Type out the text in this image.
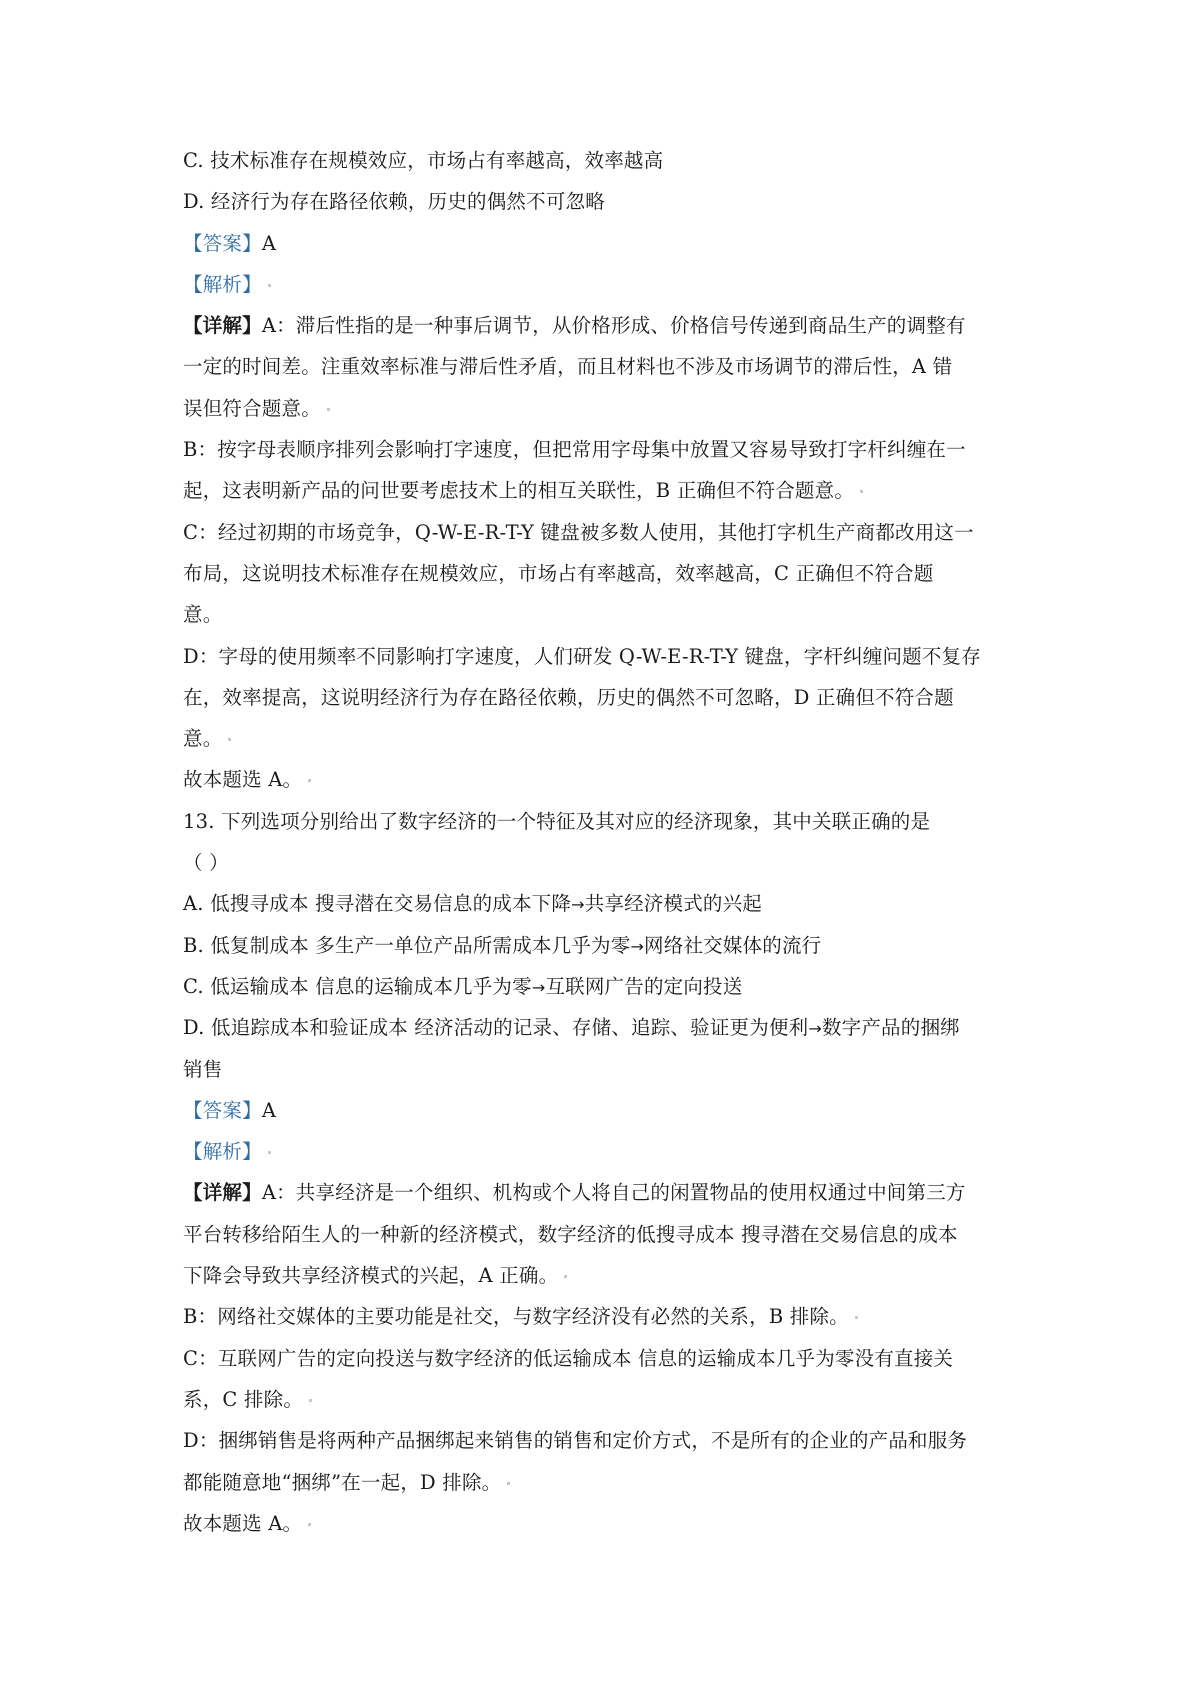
C. 技术标准存在规模效应，市场占有率越高，效率越高
D. 经济行为存在路径依赖，历史的偶然不可忽略
【答案】A
【解析】
【详解】A：滞后性指的是一种事后调节，从价格形成、价格信号传递到商品生产的调整有
一定的时间差。注重效率标准与滞后性矛盾，而且材料也不涉及市场调节的滞后性，A 错
误但符合题意。
B：按字母表顺序排列会影响打字速度，但把常用字母集中放置又容易导致打字杆纠缠在一
起，这表明新产品的问世要考虑技术上的相互关联性，B 正确但不符合题意。
C：经过初期的市场竞争，Q-W-E-R-T-Y 键盘被多数人使用，其他打字机生产商都改用这一
布局，这说明技术标准存在规模效应，市场占有率越高，效率越高，C 正确但不符合题
意。
D：字母的使用频率不同影响打字速度，人们研发 Q-W-E-R-T-Y 键盘，字杆纠缠问题不复存
在，效率提高，这说明经济行为存在路径依赖，历史的偶然不可忽略，D 正确但不符合题
意。
故本题选 A。
13. 下列选项分别给出了数字经济的一个特征及其对应的经济现象，其中关联正确的是
（ ）
A. 低搜寻成本 搜寻潜在交易信息的成本下降→共享经济模式的兴起
B. 低复制成本 多生产一单位产品所需成本几乎为零→网络社交媒体的流行
C. 低运输成本 信息的运输成本几乎为零→互联网广告的定向投送
D. 低追踪成本和验证成本 经济活动的记录、存储、追踪、验证更为便利→数字产品的捆绑
销售
【答案】A
【解析】
【详解】A：共享经济是一个组织、机构或个人将自己的闲置物品的使用权通过中间第三方
平台转移给陌生人的一种新的经济模式，数字经济的低搜寻成本 搜寻潜在交易信息的成本
下降会导致共享经济模式的兴起，A 正确。
B：网络社交媒体的主要功能是社交，与数字经济没有必然的关系，B 排除。
C：互联网广告的定向投送与数字经济的低运输成本 信息的运输成本几乎为零没有直接关
系，C 排除。
D：捆绑销售是将两种产品捆绑起来销售的销售和定价方式，不是所有的企业的产品和服务
都能随意地“捆绑”在一起，D 排除。
故本题选 A。
